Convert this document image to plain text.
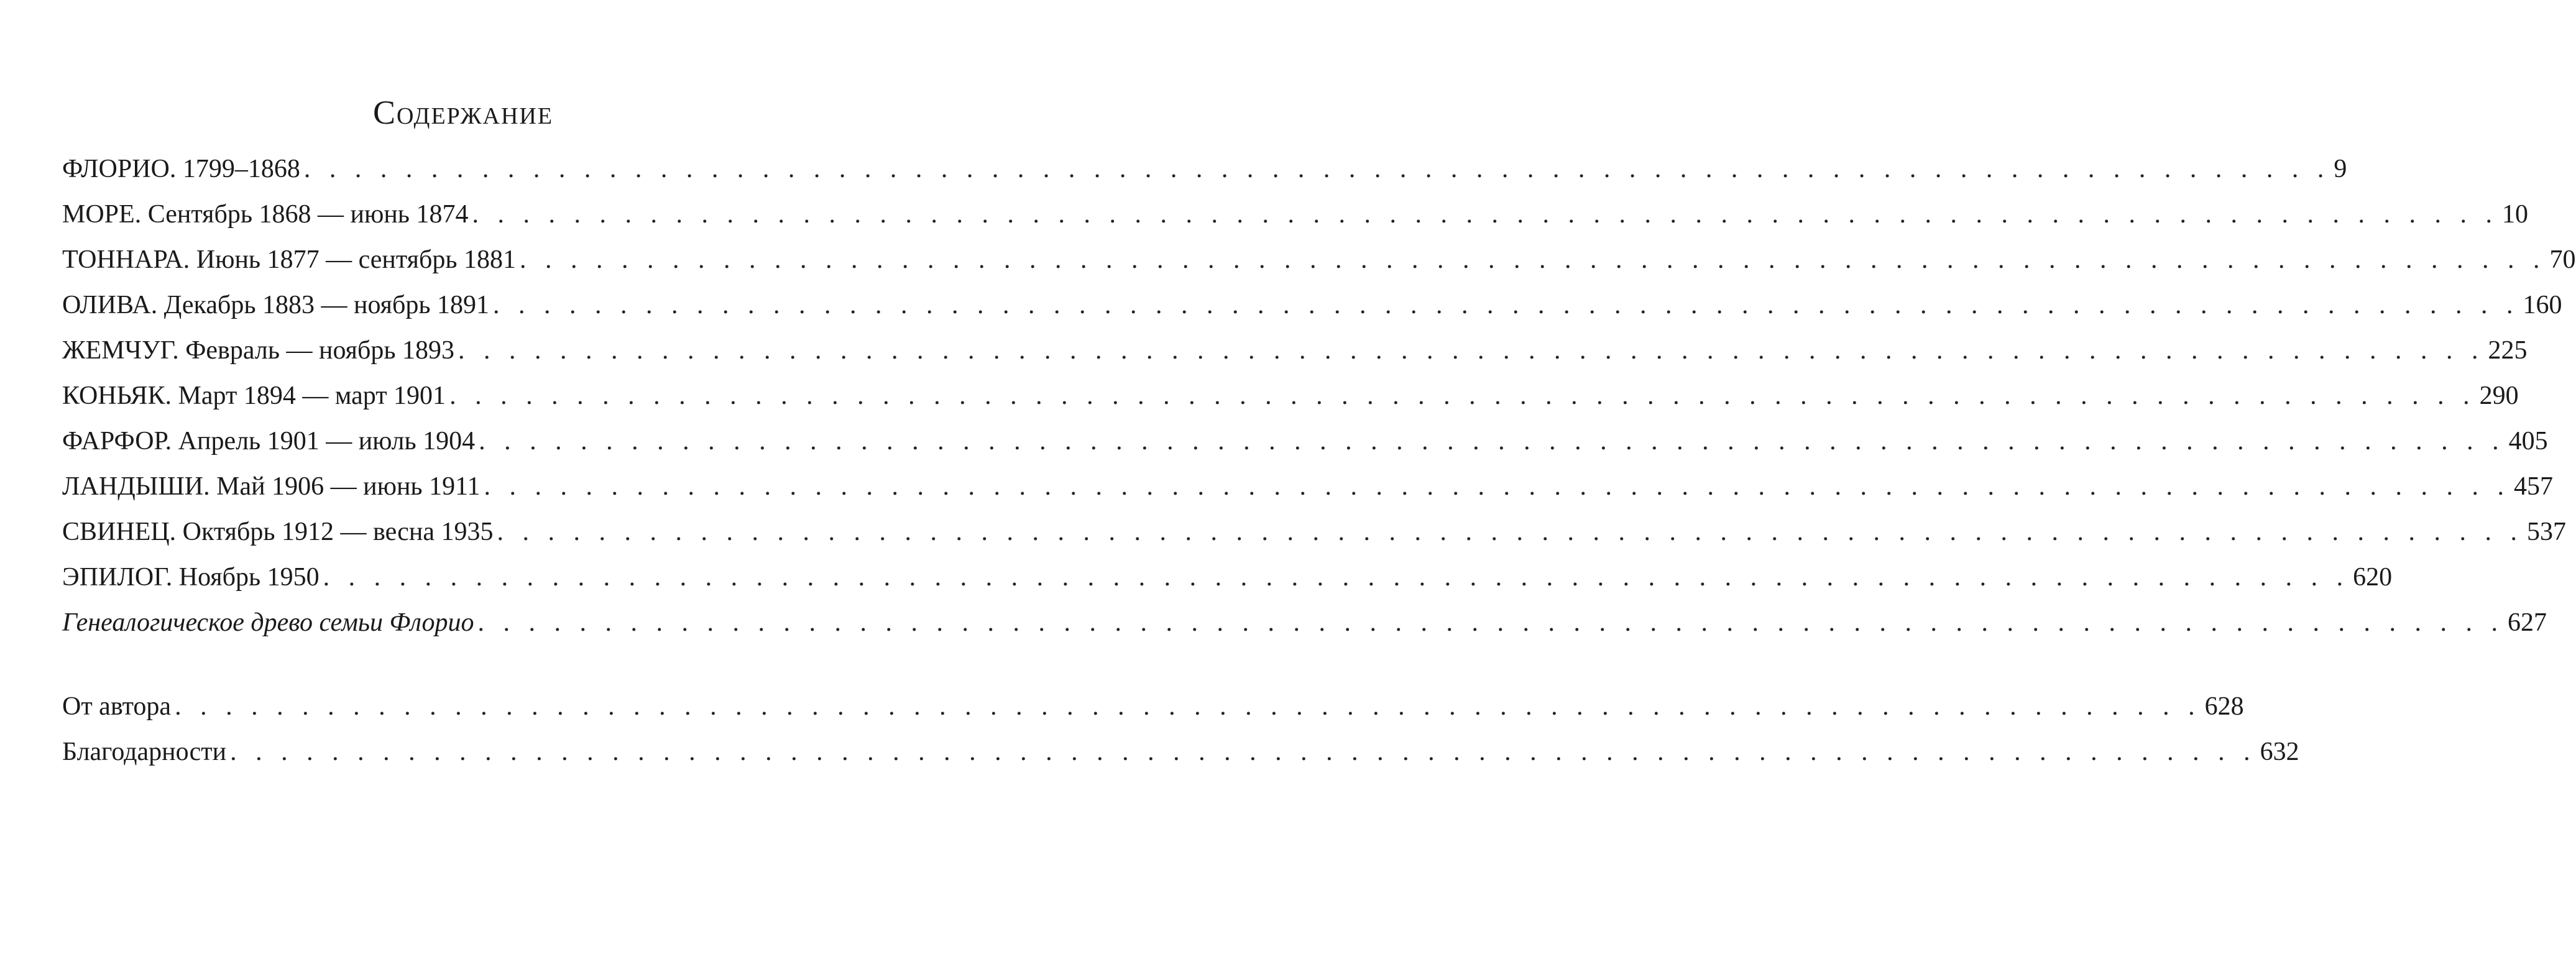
Содержание
ФЛОРИО. 1799–1868 . . . . . . . . . . . . . . . . . . . . . . . . . . . . . . . . . . . . . . . . . . . . . . . . . . . . . . . . . . . . . . . . . . . . . . . . . . . . . . . . 9
МОРЕ. Сентябрь 1868 — июнь 1874 . . . . . . . . . . . . . . . . . . . . . . . . . . . . . . . . . . . . . . . . . . . . . . . . . . . . . . . . . . . . . . . . . . . . . . . . . . . . . . . . 10
ТОННАРА. Июнь 1877 — сентябрь 1881 . . . . . . . . . . . . . . . . . . . . . . . . . . . . . . . . . . . . . . . . . . . . . . . . . . . . . . . . . . . . . . . . . . . . . . . . . . . . . . . . 70
ОЛИВА. Декабрь 1883 — ноябрь 1891 . . . . . . . . . . . . . . . . . . . . . . . . . . . . . . . . . . . . . . . . . . . . . . . . . . . . . . . . . . . . . . . . . . . . . . . . . . . . . . . . 160
ЖЕМЧУГ. Февраль — ноябрь 1893 . . . . . . . . . . . . . . . . . . . . . . . . . . . . . . . . . . . . . . . . . . . . . . . . . . . . . . . . . . . . . . . . . . . . . . . . . . . . . . . . 225
КОНЬЯК. Март 1894 — март 1901 . . . . . . . . . . . . . . . . . . . . . . . . . . . . . . . . . . . . . . . . . . . . . . . . . . . . . . . . . . . . . . . . . . . . . . . . . . . . . . . . 290
ФАРФОР. Апрель 1901 — июль 1904 . . . . . . . . . . . . . . . . . . . . . . . . . . . . . . . . . . . . . . . . . . . . . . . . . . . . . . . . . . . . . . . . . . . . . . . . . . . . . . . . 405
ЛАНДЫШИ. Май 1906 — июнь 1911 . . . . . . . . . . . . . . . . . . . . . . . . . . . . . . . . . . . . . . . . . . . . . . . . . . . . . . . . . . . . . . . . . . . . . . . . . . . . . . . . 457
СВИНЕЦ. Октябрь 1912 — весна 1935 . . . . . . . . . . . . . . . . . . . . . . . . . . . . . . . . . . . . . . . . . . . . . . . . . . . . . . . . . . . . . . . . . . . . . . . . . . . . . . . . 537
ЭПИЛОГ. Ноябрь 1950 . . . . . . . . . . . . . . . . . . . . . . . . . . . . . . . . . . . . . . . . . . . . . . . . . . . . . . . . . . . . . . . . . . . . . . . . . . . . . . . . 620
Генеалогическое древо семьи Флорио . . . . . . . . . . . . . . . . . . . . . . . . . . . . . . . . . . . . . . . . . . . . . . . . . . . . . . . . . . . . . . . . . . . . . . . . . . . . . . . . 627
От автора . . . . . . . . . . . . . . . . . . . . . . . . . . . . . . . . . . . . . . . . . . . . . . . . . . . . . . . . . . . . . . . . . . . . . . . . . . . . . . . . 628
Благодарности . . . . . . . . . . . . . . . . . . . . . . . . . . . . . . . . . . . . . . . . . . . . . . . . . . . . . . . . . . . . . . . . . . . . . . . . . . . . . . . . 632
